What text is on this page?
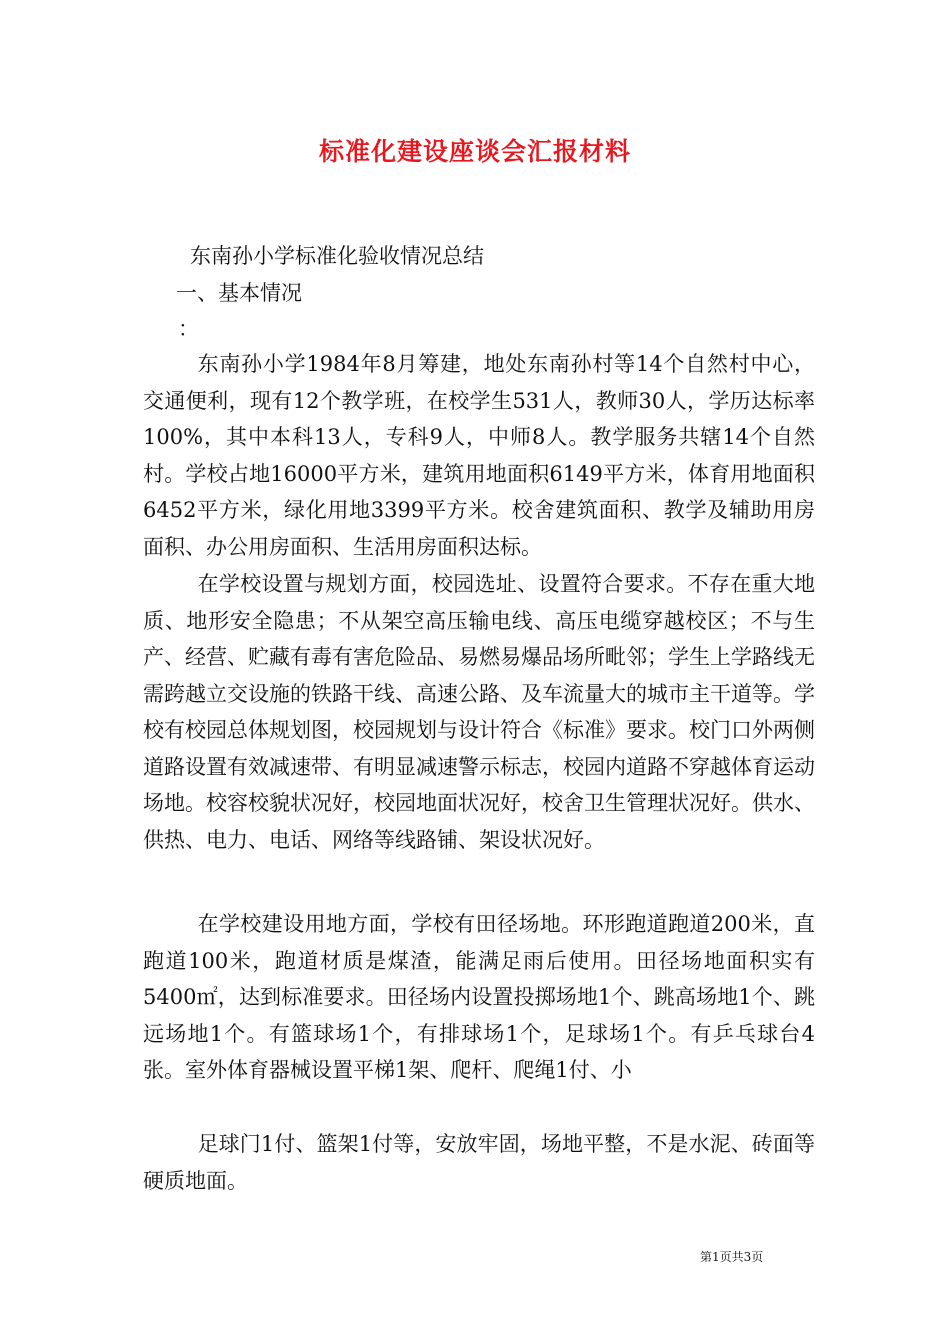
标准化建设座谈会汇报材料

东南孙小学标准化验收情况总结

一、基本情况

：

东南孙小学1984年8月筹建，地处东南孙村等14个自然村中心，交通便利，现有12个教学班，在校学生531人，教师30人，学历达标率100%，其中本科13人，专科9人，中师8人。教学服务共辖14个自然村。学校占地16000平方米，建筑用地面积6149平方米，体育用地面积6452平方米，绿化用地3399平方米。校舍建筑面积、教学及辅助用房面积、办公用房面积、生活用房面积达标。

在学校设置与规划方面，校园选址、设置符合要求。不存在重大地质、地形安全隐患；不从架空高压输电线、高压电缆穿越校区；不与生产、经营、贮藏有毒有害危险品、易燃易爆品场所毗邻；学生上学路线无需跨越立交设施的铁路干线、高速公路、及车流量大的城市主干道等。学校有校园总体规划图，校园规划与设计符合《标准》要求。校门口外两侧道路设置有效减速带、有明显减速警示标志，校园内道路不穿越体育运动场地。校容校貌状况好，校园地面状况好，校舍卫生管理状况好。供水、供热、电力、电话、网络等线路铺、架设状况好。

在学校建设用地方面，学校有田径场地。环形跑道跑道200米，直跑道100米，跑道材质是煤渣，能满足雨后使用。田径场地面积实有5400㎡，达到标准要求。田径场内设置投掷场地1个、跳高场地1个、跳远场地1个。有篮球场1个，有排球场1个，足球场1个。有乒乓球台4张。室外体育器械设置平梯1架、爬杆、爬绳1付、小

足球门1付、篮架1付等，安放牢固，场地平整，不是水泥、砖面等硬质地面。

第1页共3页
